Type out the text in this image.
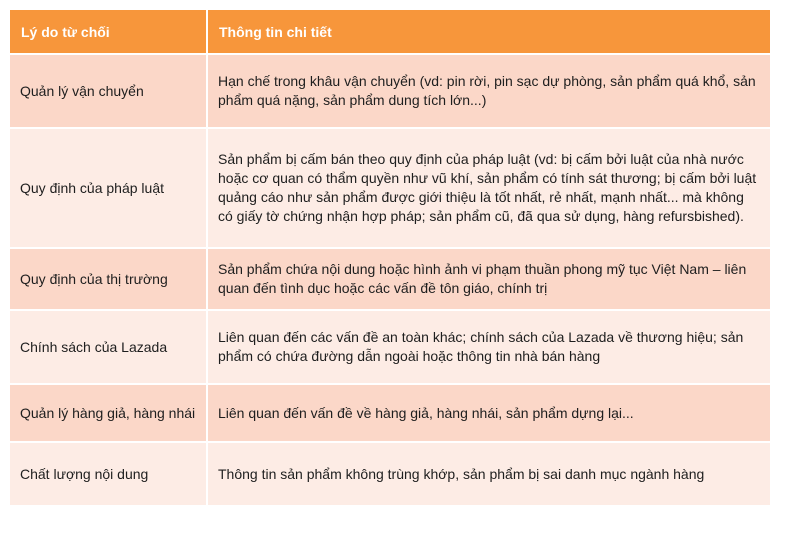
Lý do từ chối	Thông tin chi tiết
Quản lý vận chuyển	Hạn chế trong khâu vận chuyển (vd: pin rời, pin sạc dự phòng, sản phẩm quá khổ, sản phẩm quá nặng, sản phẩm dung tích lớn...)
Quy định của pháp luật	Sản phẩm bị cấm bán theo quy định của pháp luật (vd: bị cấm bởi luật của nhà nước hoặc cơ quan có thẩm quyền như vũ khí, sản phẩm có tính sát thương; bị cấm bởi luật quảng cáo như sản phẩm được giới thiệu là tốt nhất, rẻ nhất, mạnh nhất... mà không có giấy tờ chứng nhận hợp pháp; sản phẩm cũ, đã qua sử dụng, hàng refursbished).
Quy định của thị trường	Sản phẩm chứa nội dung hoặc hình ảnh vi phạm thuần phong mỹ tục Việt Nam – liên quan đến tình dục hoặc các vấn đề tôn giáo, chính trị
Chính sách của Lazada	Liên quan đến các vấn đề an toàn khác; chính sách của Lazada về thương hiệu; sản phẩm có chứa đường dẫn ngoài hoặc thông tin nhà bán hàng
Quản lý hàng giả, hàng nhái	Liên quan đến vấn đề về hàng giả, hàng nhái, sản phẩm dựng lại...
Chất lượng nội dung	Thông tin sản phẩm không trùng khớp, sản phẩm bị sai danh mục ngành hàng
